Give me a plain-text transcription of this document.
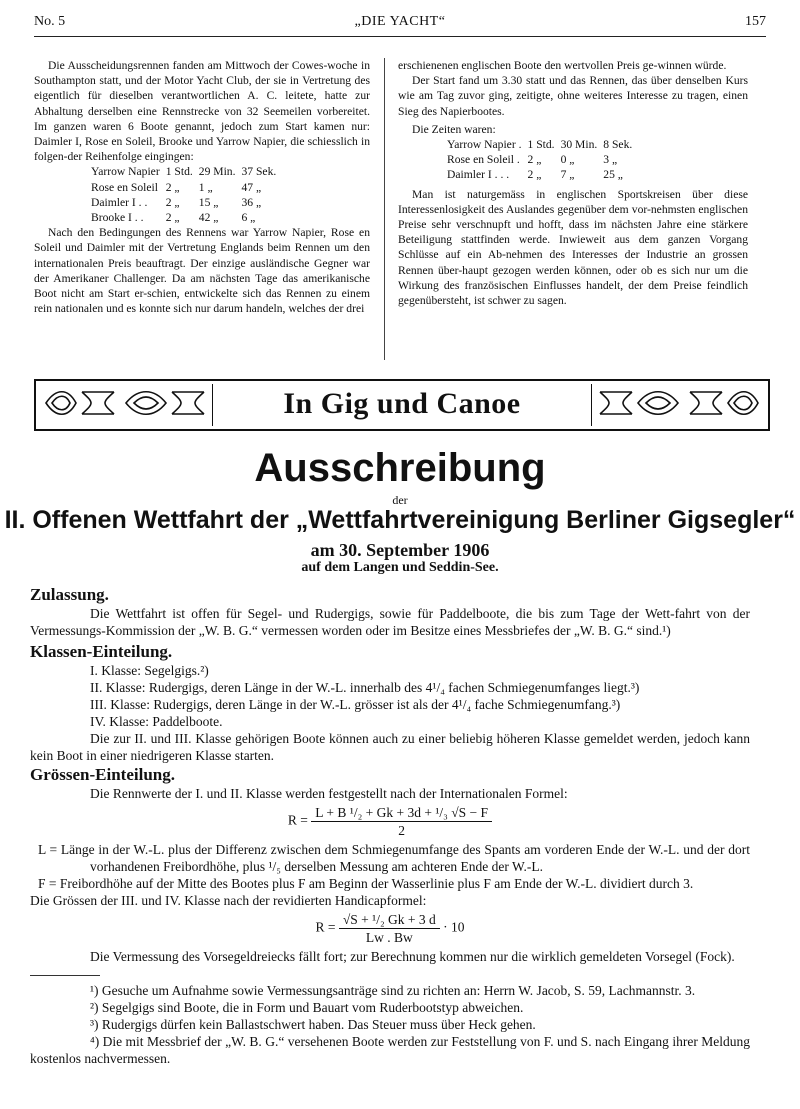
No. 5	„DIE YACHT“	157

Die Ausscheidungsrennen fanden am Mittwoch der Cowes-woche in Southampton statt, und der Motor Yacht Club, der sie in Vertretung des eigentlich für dieselben verantwortlichen A. C. leitete, hatte zur Abhaltung derselben eine Rennstrecke von 32 Seemeilen vorbereitet. Im ganzen waren 6 Boote genannt, jedoch zum Start kamen nur: Daimler I, Rose en Soleil, Brooke und Yarrow Napier, die schiesslich in folgen-der Reihenfolge eingingen:

Yarrow Napier	1 Std.	29 Min.	37 Sek.
Rose en Soleil	2 „	1 „	47 „
Daimler I . .	2 „	15 „	36 „
Brooke I . .	2 „	42 „	6 „

Nach den Bedingungen des Rennens war Yarrow Napier, Rose en Soleil und Daimler mit der Vertretung Englands beim Rennen um den internationalen Preis beauftragt. Der einzige ausländische Gegner war der Amerikaner Challenger. Da am nächsten Tage das amerikanische Boot nicht am Start er-schien, entwickelte sich das Rennen zu einem rein nationalen und es konnte sich nur darum handeln, welches der drei

erschienenen englischen Boote den wertvollen Preis ge-winnen würde.

Der Start fand um 3.30 statt und das Rennen, das über denselben Kurs wie am Tag zuvor ging, zeitigte, ohne weiteres Interesse zu tragen, einen Sieg des Napierbootes.

Die Zeiten waren:

Yarrow Napier .	1 Std.	30 Min.	8 Sek.
Rose en Soleil .	2 „	0 „	3 „
Daimler I . . .	2 „	7 „	25 „

Man ist naturgemäss in englischen Sportskreisen über diese Interessenlosigkeit des Auslandes gegenüber dem vor-nehmsten englischen Preise sehr verschnupft und hofft, dass im nächsten Jahre eine stärkere Beteiligung stattfinden werde. Inwieweit aus dem ganzen Vorgang Schlüsse auf ein Ab-nehmen des Interesses der Industrie an grossen Rennen über-haupt gezogen werden können, oder ob es sich nur um die Wirkung des französischen Einflusses handelt, der dem Preise feindlich gegenübersteht, ist schwer zu sagen.

In Gig und Canoe
Ausschreibung
der
II. Offenen Wettfahrt der „Wettfahrtvereinigung Berliner Gigsegler“
am 30. September 1906
auf dem Langen und Seddin-See.

Zulassung.

Die Wettfahrt ist offen für Segel- und Rudergigs, sowie für Paddelboote, die bis zum Tage der Wett-fahrt von der Vermessungs-Kommission der „W. B. G.“ vermessen worden oder im Besitze eines Messbriefes der „W. B. G.“ sind.¹)

Klassen-Einteilung.

I. Klasse: Segelgigs.²)

II. Klasse: Rudergigs, deren Länge in der W.-L. innerhalb des 4¹/₄ fachen Schmiegenumfanges liegt.³)

III. Klasse: Rudergigs, deren Länge in der W.-L. grösser ist als der 4¹/₄ fache Schmiegenumfang.³)

IV. Klasse: Paddelboote.

Die zur II. und III. Klasse gehörigen Boote können auch zu einer beliebig höheren Klasse gemeldet werden, jedoch kann kein Boot in einer niedrigeren Klasse starten.

Grössen-Einteilung.

Die Rennwerte der I. und II. Klasse werden festgestellt nach der Internationalen Formel:

$R = \frac{\text{L + B ¹/₂ + Gk + 3d + ¹/₃ √S − F}}{2}$

L = Länge in der W.-L. plus der Differenz zwischen dem Schmiegenumfange des Spants am vorderen Ende der W.-L. und der dort vorhandenen Freibordhöhe, plus ¹/₅ derselben Messung am achteren Ende der W.-L.

F = Freibordhöhe auf der Mitte des Bootes plus F am Beginn der Wasserlinie plus F am Ende der W.-L. dividiert durch 3.

Die Grössen der III. und IV. Klasse nach der revidierten Handicapformel:

$R = \frac{\text{√S + ¹/₂ Gk + 3 d}}{Lw . Bw} \cdot 10$

Die Vermessung des Vorsegeldreiecks fällt fort; zur Berechnung kommen nur die wirklich gemeldeten Vorsegel (Fock).

¹) Gesuche um Aufnahme sowie Vermessungsanträge sind zu richten an: Herrn W. Jacob, S. 59, Lachmannstr. 3.

²) Segelgigs sind Boote, die in Form und Bauart vom Ruderbootstyp abweichen.

³) Rudergigs dürfen kein Ballastschwert haben. Das Steuer muss über Heck gehen.

⁴) Die mit Messbrief der „W. B. G.“ versehenen Boote werden zur Feststellung von F. und S. nach Eingang ihrer Meldung kostenlos nachvermessen.
